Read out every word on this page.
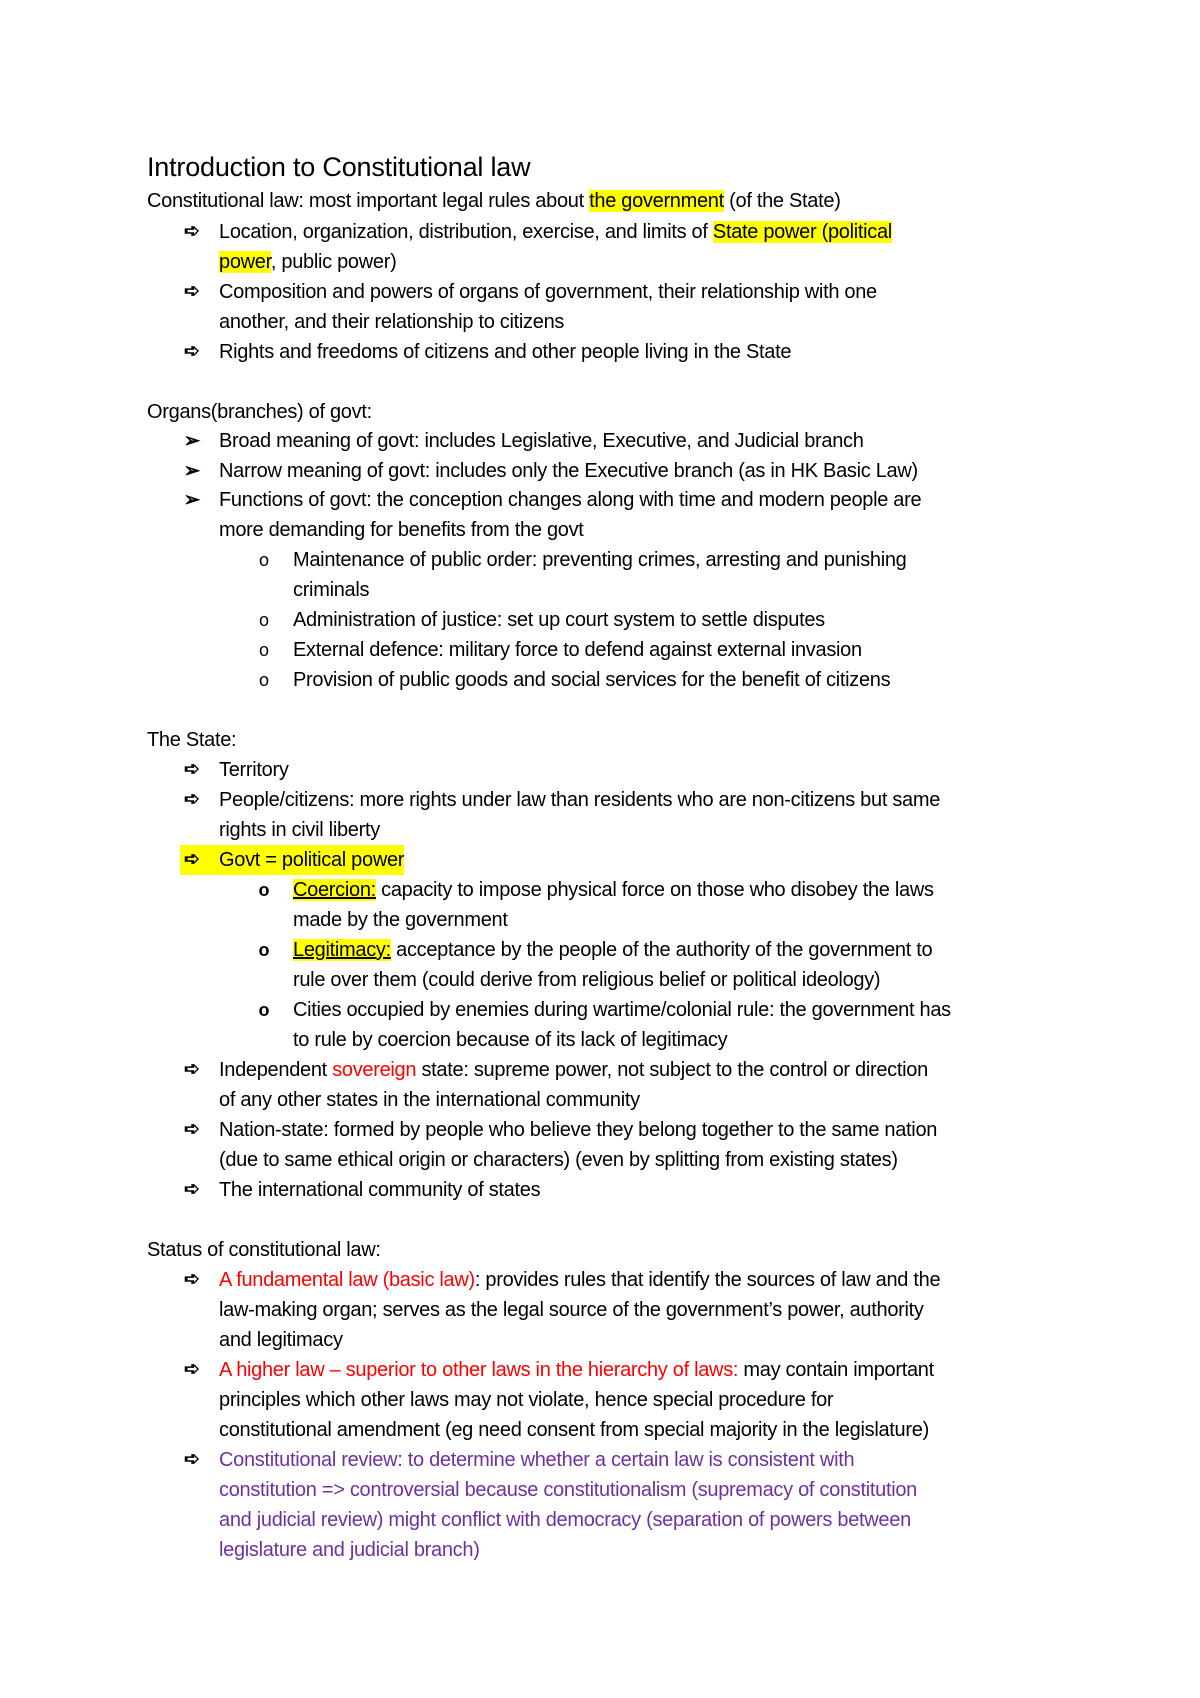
Introduction to Constitutional law
Constitutional law: most important legal rules about the government (of the State)
➪ Location, organization, distribution, exercise, and limits of State power (political
power, public power)
➪ Composition and powers of organs of government, their relationship with one
another, and their relationship to citizens
➪ Rights and freedoms of citizens and other people living in the State
Organs(branches) of govt:
➢ Broad meaning of govt: includes Legislative, Executive, and Judicial branch
➢ Narrow meaning of govt: includes only the Executive branch (as in HK Basic Law)
➢ Functions of govt: the conception changes along with time and modern people are
more demanding for benefits from the govt
o	Maintenance of public order: preventing crimes, arresting and punishing
criminals
o	Administration of justice: set up court system to settle disputes
o	External defence: military force to defend against external invasion
o	Provision of public goods and social services for the benefit of citizens
The State:
➪ Territory
➪ People/citizens: more rights under law than residents who are non-citizens but same
rights in civil liberty
➪ Govt = political power
o	Coercion: capacity to impose physical force on those who disobey the laws
made by the government
o	Legitimacy: acceptance by the people of the authority of the government to
rule over them (could derive from religious belief or political ideology)
o	Cities occupied by enemies during wartime/colonial rule: the government has
to rule by coercion because of its lack of legitimacy
➪ Independent sovereign state: supreme power, not subject to the control or direction
of any other states in the international community
➪ Nation-state: formed by people who believe they belong together to the same nation
(due to same ethical origin or characters) (even by splitting from existing states)
➪ The international community of states
Status of constitutional law:
➪ A fundamental law (basic law): provides rules that identify the sources of law and the
law-making organ; serves as the legal source of the government’s power, authority
and legitimacy
➪ A higher law – superior to other laws in the hierarchy of laws: may contain important
principles which other laws may not violate, hence special procedure for
constitutional amendment (eg need consent from special majority in the legislature)
➪ Constitutional review: to determine whether a certain law is consistent with
constitution => controversial because constitutionalism (supremacy of constitution
and judicial review) might conflict with democracy (separation of powers between
legislature and judicial branch)
